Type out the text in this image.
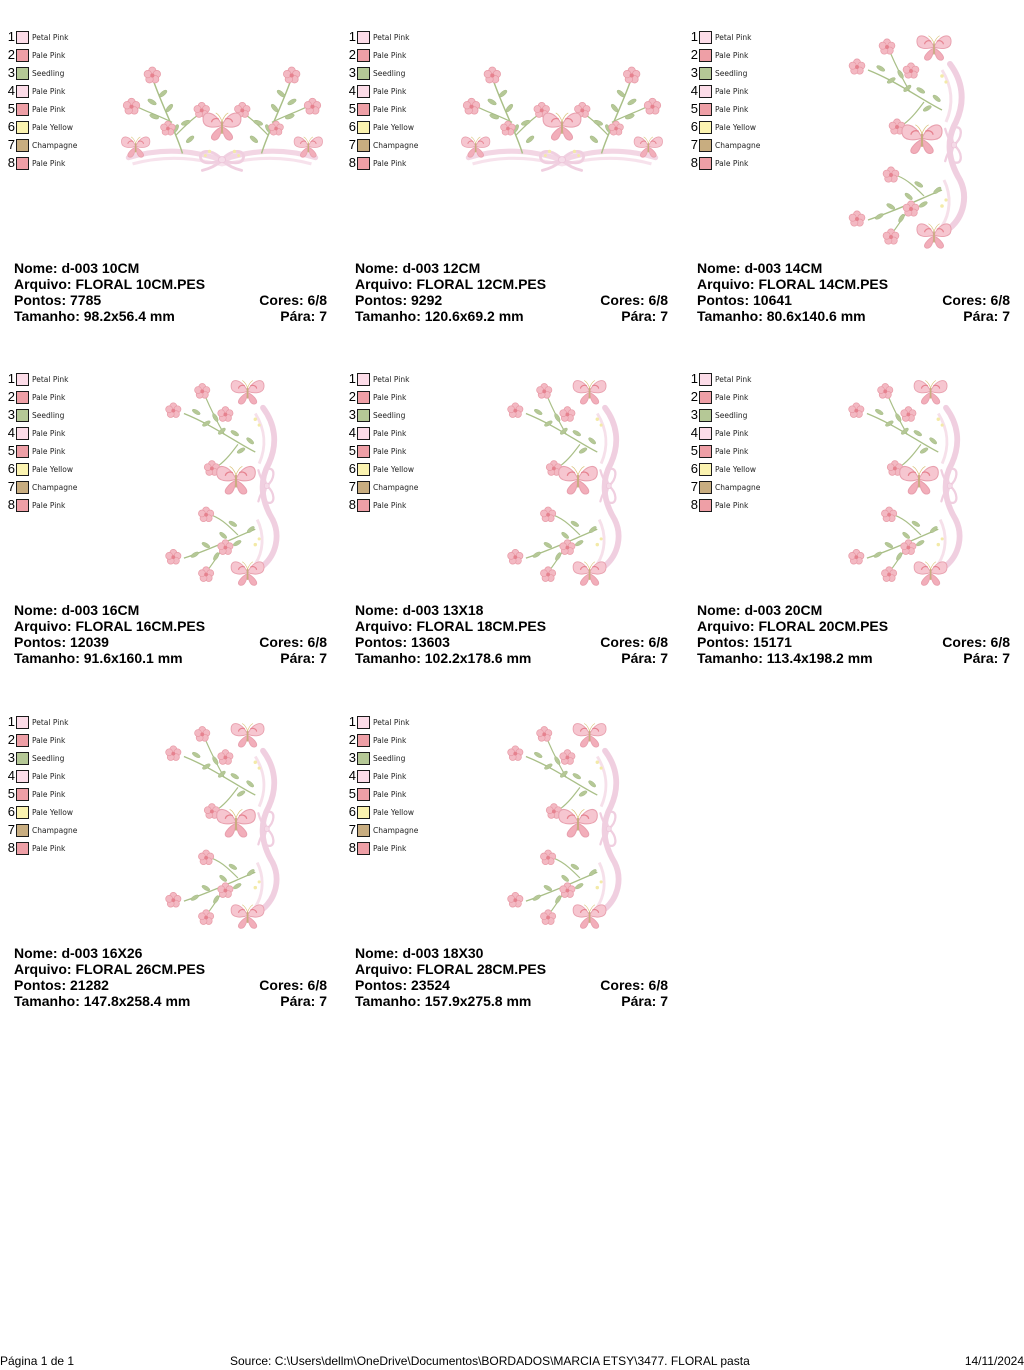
1 Petal Pink
2 Pale Pink
3 Seedling
4 Pale Pink
5 Pale Pink
6 Pale Yellow
7 Champagne
8 Pale Pink
Nome: d-003 10CM
Arquivo: FLORAL 10CM.PES
Pontos: 7785	Cores: 6/8
Tamanho: 98.2x56.4 mm	Pára: 7
1 Petal Pink
2 Pale Pink
3 Seedling
4 Pale Pink
5 Pale Pink
6 Pale Yellow
7 Champagne
8 Pale Pink
Nome: d-003 12CM
Arquivo: FLORAL 12CM.PES
Pontos: 9292	Cores: 6/8
Tamanho: 120.6x69.2 mm	Pára: 7
1 Petal Pink
2 Pale Pink
3 Seedling
4 Pale Pink
5 Pale Pink
6 Pale Yellow
7 Champagne
8 Pale Pink
Nome: d-003 14CM
Arquivo: FLORAL 14CM.PES
Pontos: 10641	Cores: 6/8
Tamanho: 80.6x140.6 mm	Pára: 7
1 Petal Pink
2 Pale Pink
3 Seedling
4 Pale Pink
5 Pale Pink
6 Pale Yellow
7 Champagne
8 Pale Pink
Nome: d-003 16CM
Arquivo: FLORAL 16CM.PES
Pontos: 12039	Cores: 6/8
Tamanho: 91.6x160.1 mm	Pára: 7
1 Petal Pink
2 Pale Pink
3 Seedling
4 Pale Pink
5 Pale Pink
6 Pale Yellow
7 Champagne
8 Pale Pink
Nome: d-003 13X18
Arquivo: FLORAL 18CM.PES
Pontos: 13603	Cores: 6/8
Tamanho: 102.2x178.6 mm	Pára: 7
1 Petal Pink
2 Pale Pink
3 Seedling
4 Pale Pink
5 Pale Pink
6 Pale Yellow
7 Champagne
8 Pale Pink
Nome: d-003 20CM
Arquivo: FLORAL 20CM.PES
Pontos: 15171	Cores: 6/8
Tamanho: 113.4x198.2 mm	Pára: 7
1 Petal Pink
2 Pale Pink
3 Seedling
4 Pale Pink
5 Pale Pink
6 Pale Yellow
7 Champagne
8 Pale Pink
Nome: d-003 16X26
Arquivo: FLORAL 26CM.PES
Pontos: 21282	Cores: 6/8
Tamanho: 147.8x258.4 mm	Pára: 7
1 Petal Pink
2 Pale Pink
3 Seedling
4 Pale Pink
5 Pale Pink
6 Pale Yellow
7 Champagne
8 Pale Pink
Nome: d-003 18X30
Arquivo: FLORAL 28CM.PES
Pontos: 23524	Cores: 6/8
Tamanho: 157.9x275.8 mm	Pára: 7
Página 1 de 1	Source: C:\Users\dellm\OneDrive\Documentos\BORDADOS\MARCIA ETSY\3477. FLORAL pasta	14/11/2024
